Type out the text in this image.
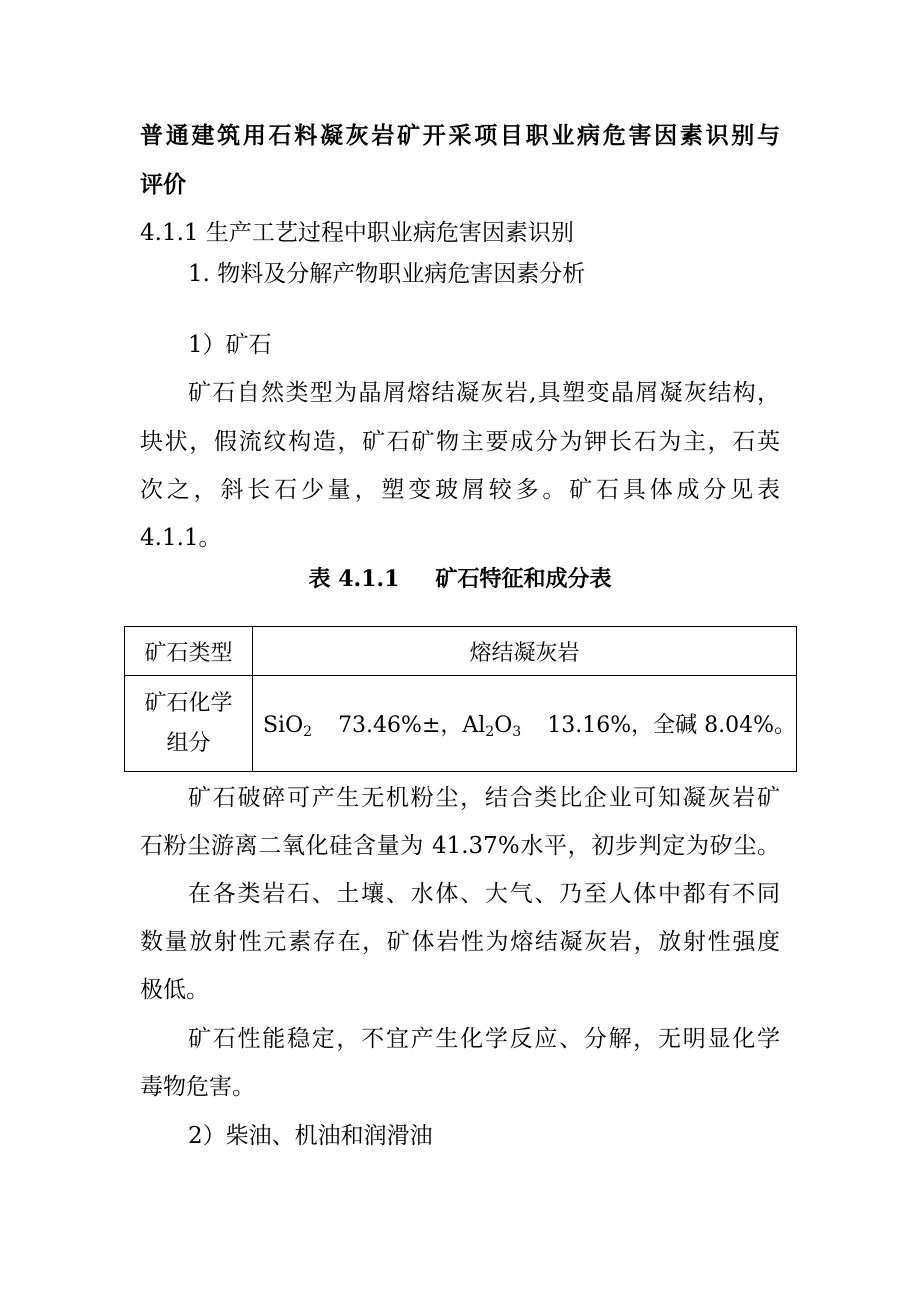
普通建筑用石料凝灰岩矿开采项目职业病危害因素识别与
评价
4.1.1 生产工艺过程中职业病危害因素识别
1. 物料及分解产物职业病危害因素分析
1）矿石
矿石自然类型为晶屑熔结凝灰岩,具塑变晶屑凝灰结构，
块状，假流纹构造，矿石矿物主要成分为钾长石为主，石英
次之，斜长石少量，塑变玻屑较多。矿石具体成分见表
4.1.1。
表 4.1.1 矿石特征和成分表
矿石类型	熔结凝灰岩
矿石化学
组分	SiO$_2$ 73.46%±，$Al_2O_3$ 13.16%，全碱 8.04%。
矿石破碎可产生无机粉尘，结合类比企业可知凝灰岩矿
石粉尘游离二氧化硅含量为 41.37%水平，初步判定为矽尘。
在各类岩石、土壤、水体、大气、乃至人体中都有不同
数量放射性元素存在，矿体岩性为熔结凝灰岩，放射性强度
极低。
矿石性能稳定，不宜产生化学反应、分解，无明显化学
毒物危害。
2）柴油、机油和润滑油
